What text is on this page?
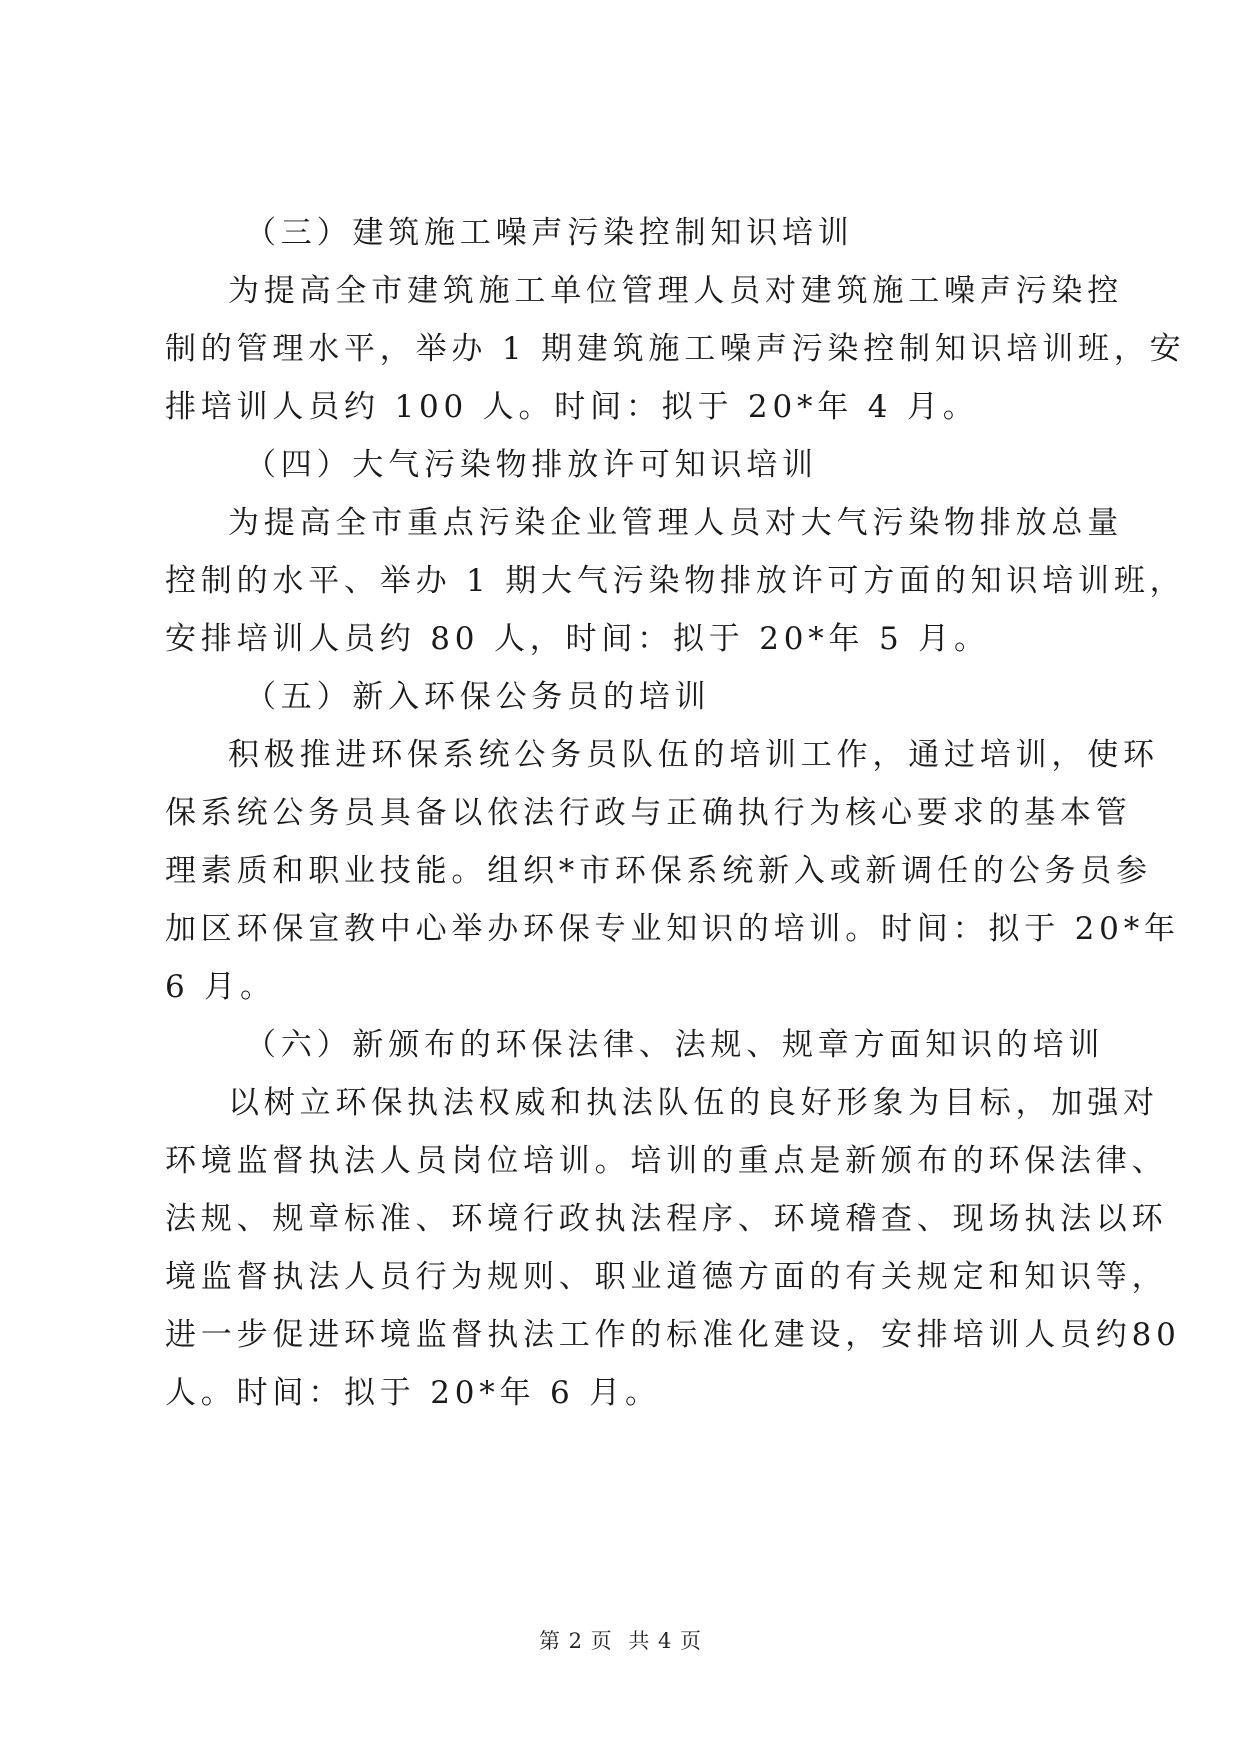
（三）建筑施工噪声污染控制知识培训
为提高全市建筑施工单位管理人员对建筑施工噪声污染控
制的管理水平，举办 1 期建筑施工噪声污染控制知识培训班，安
排培训人员约 100 人。时间：拟于 20*年 4 月。
（四）大气污染物排放许可知识培训
为提高全市重点污染企业管理人员对大气污染物排放总量
控制的水平、举办 1 期大气污染物排放许可方面的知识培训班，
安排培训人员约 80 人，时间：拟于 20*年 5 月。
（五）新入环保公务员的培训
积极推进环保系统公务员队伍的培训工作，通过培训，使环
保系统公务员具备以依法行政与正确执行为核心要求的基本管
理素质和职业技能。组织*市环保系统新入或新调任的公务员参
加区环保宣教中心举办环保专业知识的培训。时间：拟于 20*年
6 月。
（六）新颁布的环保法律、法规、规章方面知识的培训
以树立环保执法权威和执法队伍的良好形象为目标，加强对
环境监督执法人员岗位培训。培训的重点是新颁布的环保法律、
法规、规章标准、环境行政执法程序、环境稽查、现场执法以环
境监督执法人员行为规则、职业道德方面的有关规定和知识等，
进一步促进环境监督执法工作的标准化建设，安排培训人员约80
人。时间：拟于 20*年 6 月。
第 2 页 共 4 页
